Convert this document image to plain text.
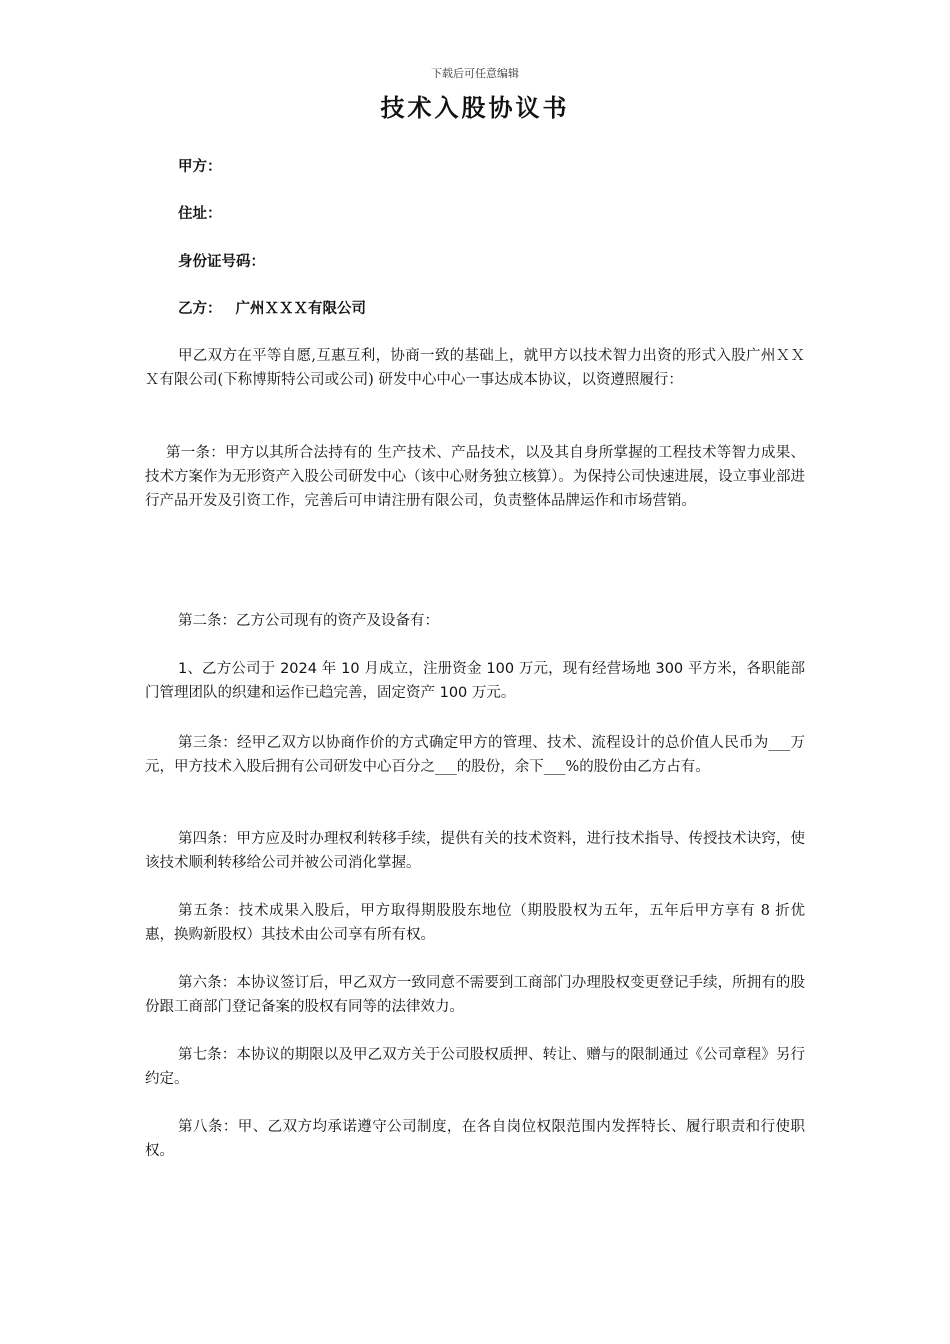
下载后可任意编辑
技术入股协议书
甲方：
住址：
身份证号码：
乙方： 广州ＸＸＸ有限公司
甲乙双方在平等自愿,互惠互利，协商一致的基础上，就甲方以技术智力出资的形式入股广州ＸＸＸ有限公司(下称博斯特公司或公司) 研发中心中心一事达成本协议，以资遵照履行：
第一条：甲方以其所合法持有的 生产技术、产品技术，以及其自身所掌握的工程技术等智力成果、技术方案作为无形资产入股公司研发中心（该中心财务独立核算）。为保持公司快速进展，设立事业部进行产品开发及引资工作，完善后可申请注册有限公司，负责整体品牌运作和市场营销。
第二条：乙方公司现有的资产及设备有：
1、乙方公司于 2024 年 10 月成立，注册资金 100 万元，现有经营场地 300 平方米，各职能部门管理团队的织建和运作已趋完善，固定资产 100 万元。
第三条：经甲乙双方以协商作价的方式确定甲方的管理、技术、流程设计的总价值人民币为___万元，甲方技术入股后拥有公司研发中心百分之___的股份，余下___%的股份由乙方占有。
第四条：甲方应及时办理权利转移手续，提供有关的技术资料，进行技术指导、传授技术诀窍，使该技术顺利转移给公司并被公司消化掌握。
第五条：技术成果入股后，甲方取得期股股东地位（期股股权为五年，五年后甲方享有 8 折优惠，换购新股权）其技术由公司享有所有权。
第六条：本协议签订后，甲乙双方一致同意不需要到工商部门办理股权变更登记手续，所拥有的股份跟工商部门登记备案的股权有同等的法律效力。
第七条：本协议的期限以及甲乙双方关于公司股权质押、转让、赠与的限制通过《公司章程》另行约定。
第八条：甲、乙双方均承诺遵守公司制度，在各自岗位权限范围内发挥特长、履行职责和行使职权。
